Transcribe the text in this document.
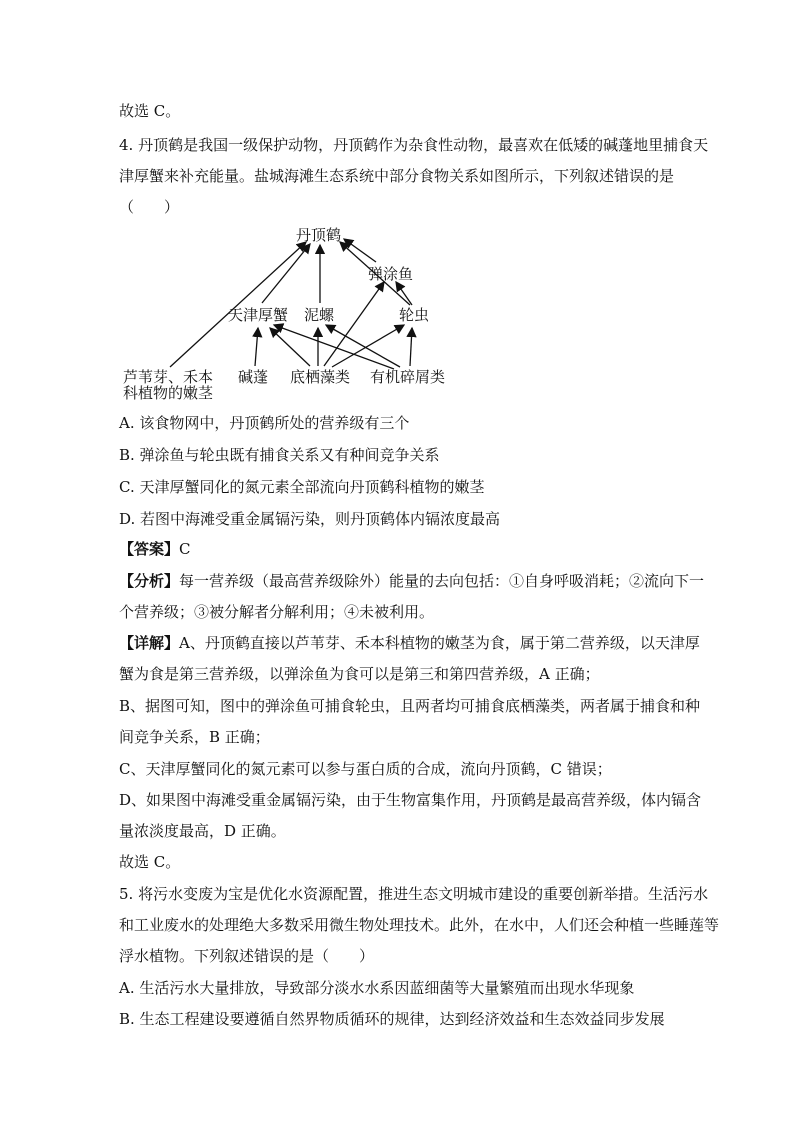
故选 C。
4. 丹顶鹤是我国一级保护动物，丹顶鹤作为杂食性动物，最喜欢在低矮的碱蓬地里捕食天
津厚蟹来补充能量。盐城海滩生态系统中部分食物关系如图所示，下列叙述错误的是
（　　）
丹顶鹤
弹涂鱼
天津厚蟹 泥螺	轮虫
芦苇芽、禾本
科植物的嫩茎
碱蓬 底栖藻类 有机碎屑类
A. 该食物网中，丹顶鹤所处的营养级有三个
B. 弹涂鱼与轮虫既有捕食关系又有种间竞争关系
C. 天津厚蟹同化的氮元素全部流向丹顶鹤科植物的嫩茎
D. 若图中海滩受重金属镉污染，则丹顶鹤体内镉浓度最高
【答案】C
【分析】每一营养级（最高营养级除外）能量的去向包括：①自身呼吸消耗；②流向下一
个营养级；③被分解者分解利用；④未被利用。
【详解】A、丹顶鹤直接以芦苇芽、禾本科植物的嫩茎为食，属于第二营养级，以天津厚
蟹为食是第三营养级，以弹涂鱼为食可以是第三和第四营养级，A 正确；
B、据图可知，图中的弹涂鱼可捕食轮虫，且两者均可捕食底栖藻类，两者属于捕食和种
间竞争关系，B 正确；
C、天津厚蟹同化的氮元素可以参与蛋白质的合成，流向丹顶鹤，C 错误；
D、如果图中海滩受重金属镉污染，由于生物富集作用，丹顶鹤是最高营养级，体内镉含
量浓淡度最高，D 正确。
故选 C。
5. 将污水变废为宝是优化水资源配置，推进生态文明城市建设的重要创新举措。生活污水
和工业废水的处理绝大多数采用微生物处理技术。此外，在水中，人们还会种植一些睡莲等
浮水植物。下列叙述错误的是（　　）
A. 生活污水大量排放，导致部分淡水水系因蓝细菌等大量繁殖而出现水华现象
B. 生态工程建设要遵循自然界物质循环的规律，达到经济效益和生态效益同步发展
